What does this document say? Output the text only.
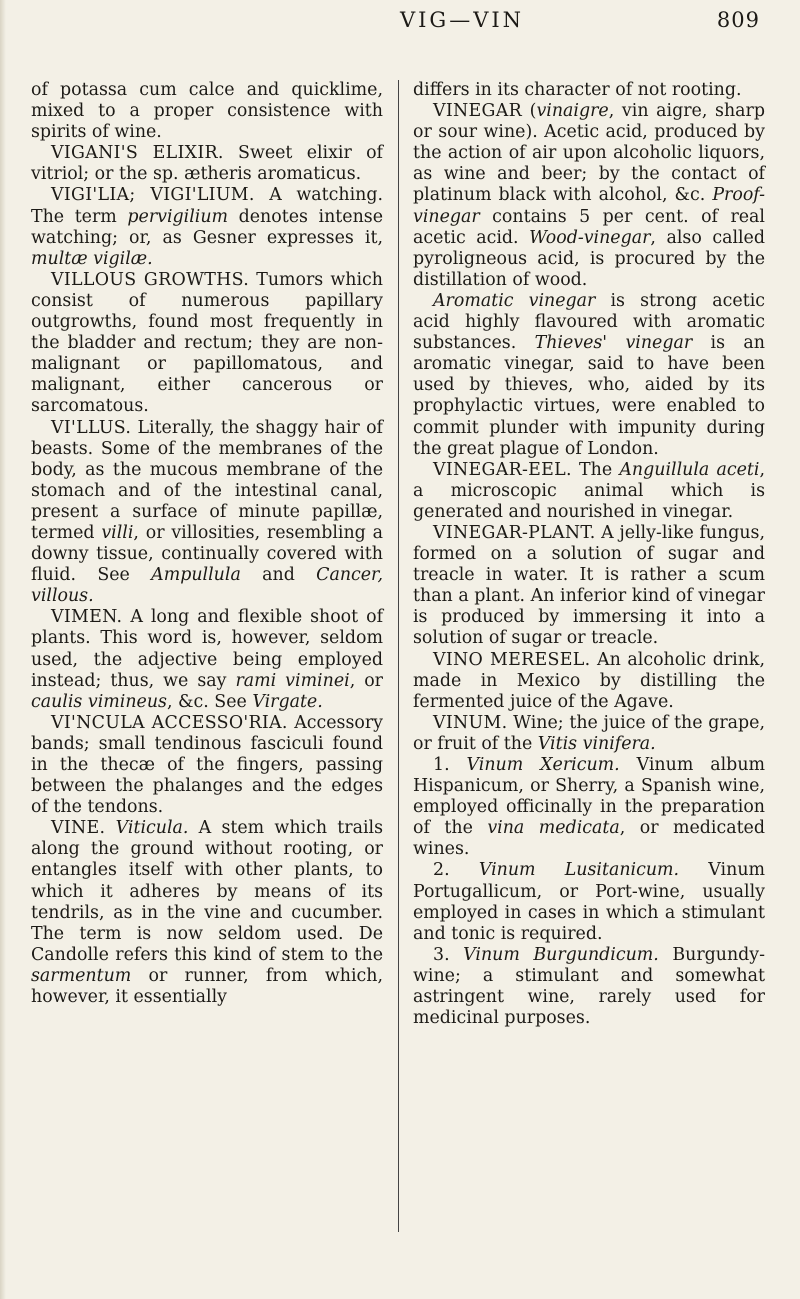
VIG—VIN	809

of potassa cum calce and quicklime, mixed to a proper consistence with spirits of wine.

VIGANI'S ELIXIR. Sweet elixir of vitriol; or the sp. ætheris aromaticus.

VIGI'LIA; VIGI'LIUM. A watching. The term pervigilium denotes intense watching; or, as Gesner expresses it, multæ vigilæ.

VILLOUS GROWTHS. Tumors which consist of numerous papillary outgrowths, found most frequently in the bladder and rectum; they are non-malignant or papillomatous, and malignant, either cancerous or sarcomatous.

VI'LLUS. Literally, the shaggy hair of beasts. Some of the membranes of the body, as the mucous membrane of the stomach and of the intestinal canal, present a surface of minute papillæ, termed villi, or villosities, resembling a downy tissue, continually covered with fluid. See Ampullula and Cancer, villous.

VIMEN. A long and flexible shoot of plants. This word is, however, seldom used, the adjective being employed instead; thus, we say rami viminei, or caulis vimineus, &c. See Virgate.

VI'NCULA ACCESSO'RIA. Accessory bands; small tendinous fasciculi found in the thecæ of the fingers, passing between the phalanges and the edges of the tendons.

VINE. Viticula. A stem which trails along the ground without rooting, or entangles itself with other plants, to which it adheres by means of its tendrils, as in the vine and cucumber. The term is now seldom used. De Candolle refers this kind of stem to the sarmentum or runner, from which, however, it essentially

differs in its character of not rooting.

VINEGAR (vinaigre, vin aigre, sharp or sour wine). Acetic acid, produced by the action of air upon alcoholic liquors, as wine and beer; by the contact of platinum black with alcohol, &c. Proof-vinegar contains 5 per cent. of real acetic acid. Wood-vinegar, also called pyroligneous acid, is procured by the distillation of wood.

Aromatic vinegar is strong acetic acid highly flavoured with aromatic substances. Thieves' vinegar is an aromatic vinegar, said to have been used by thieves, who, aided by its prophylactic virtues, were enabled to commit plunder with impunity during the great plague of London.

VINEGAR-EEL. The Anguillula aceti, a microscopic animal which is generated and nourished in vinegar.

VINEGAR-PLANT. A jelly-like fungus, formed on a solution of sugar and treacle in water. It is rather a scum than a plant. An inferior kind of vinegar is produced by immersing it into a solution of sugar or treacle.

VINO MERESEL. An alcoholic drink, made in Mexico by distilling the fermented juice of the Agave.

VINUM. Wine; the juice of the grape, or fruit of the Vitis vinifera.

1. Vinum Xericum. Vinum album Hispanicum, or Sherry, a Spanish wine, employed officinally in the preparation of the vina medicata, or medicated wines.

2. Vinum Lusitanicum. Vinum Portugallicum, or Port-wine, usually employed in cases in which a stimulant and tonic is required.

3. Vinum Burgundicum. Burgundy-wine; a stimulant and somewhat astringent wine, rarely used for medicinal purposes.
